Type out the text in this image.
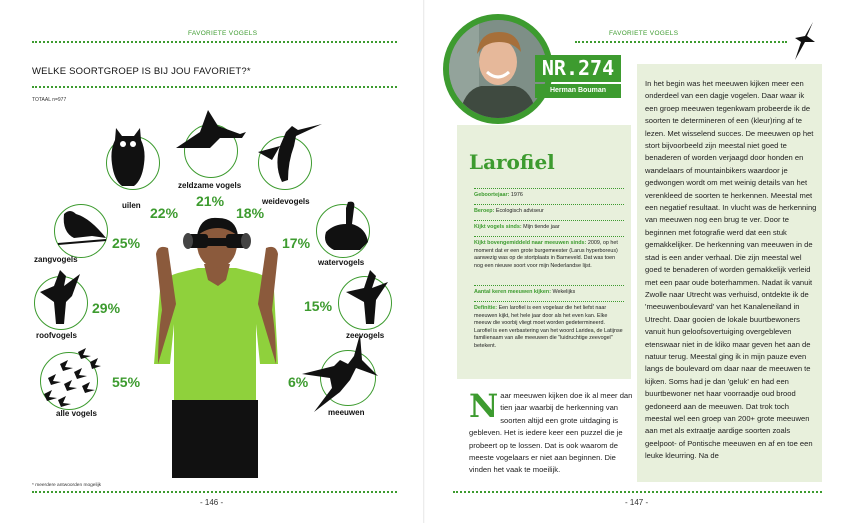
FAVORIETE VOGELS
WELKE SOORTGROEP IS BIJ JOU FAVORIET?*
TOTAAL n=977
22%
uilen	21%
zeldzame vogels
18%
weidevogels
25%
zangvogels
17%
watervogels
29%
roofvogels
15%
zeevogels
55%
alle vogels
6%
meeuwen
* meerdere antwoorden mogelijk
- 146 -
FAVORIETE VOGELS
NR.274
Herman Bouman
Larofiel
Geboortejaar: 1976
Beroep: Ecologisch adviseur
Kijkt vogels sinds: Mijn tiende jaar
Kijkt bovengemiddeld naar meeuwen sinds: 2009, op het moment dat er een grote burgemeester (Larus hyperboreus) aanwezig was op de stortplaats in Barneveld. Dat was toen nog een nieuwe soort voor mijn Nederlandse lijst.
Aantal keren meeuwen kijken: Wekelijks
Definitie: Een larofiel is een vogelaar die het liefst naar meeuwen kijkt, het hele jaar door als het even kan. Elke meeuw die voorbij vliegt moet worden gedetermineerd. Larofiel is een verbastering van het woord Laridea, de Latijnse familienaam van alle meeuwen die "luidruchtige zeevogel" betekent.
Naar meeuwen kijken doe ik al meer dan tien jaar waarbij de herkenning van soorten altijd een grote uitdaging is gebleven. Het is iedere keer een puzzel die je probeert op te lossen. Dat is ook waarom de meeste vogelaars er niet aan beginnen. Die vinden het vaak te moeilijk.
In het begin was het meeuwen kijken meer een onderdeel van een dagje vogelen. Daar waar ik een groep meeuwen tegenkwam probeerde ik de soorten te determineren of een (kleur)ring af te lezen. Met wisselend succes. De meeuwen op het stort bijvoorbeeld zijn meestal niet goed te benaderen of worden verjaagd door honden en wandelaars of mountainbikers waardoor je gedwongen wordt om met weinig details van het verenkleed de soorten te herkennen. Meestal met een negatief resultaat. In vlucht was de herkenning van meeuwen nog een brug te ver. Door te beginnen met fotografie werd dat een stuk gemakkelijker. De herkenning van meeuwen in de stad is een ander verhaal. Die zijn meestal wel goed te benaderen of worden gemakkelijk verleid met een paar oude boterhammen. Nadat ik vanuit Zwolle naar Utrecht was verhuisd, ontdekte ik de 'meeuwenboulevard' van het Kanaleneiland in Utrecht. Daar gooien de lokale buurtbewoners vanuit hun geloofsovertuiging overgebleven etenswaar niet in de kliko maar geven het aan de natuur terug. Meestal ging ik in mijn pauze even langs de boulevard om daar naar de meeuwen te kijken. Soms had je dan 'geluk' en had een buurtbewoner net haar voorraadje oud brood gedoneerd aan de meeuwen. Dat trok toch meestal wel een groep van 200+ grote meeuwen aan met als extraatje aardige soorten zoals geelpoot- of Pontische meeuwen en af en toe een leuke kleurring. Na de
- 147 -
